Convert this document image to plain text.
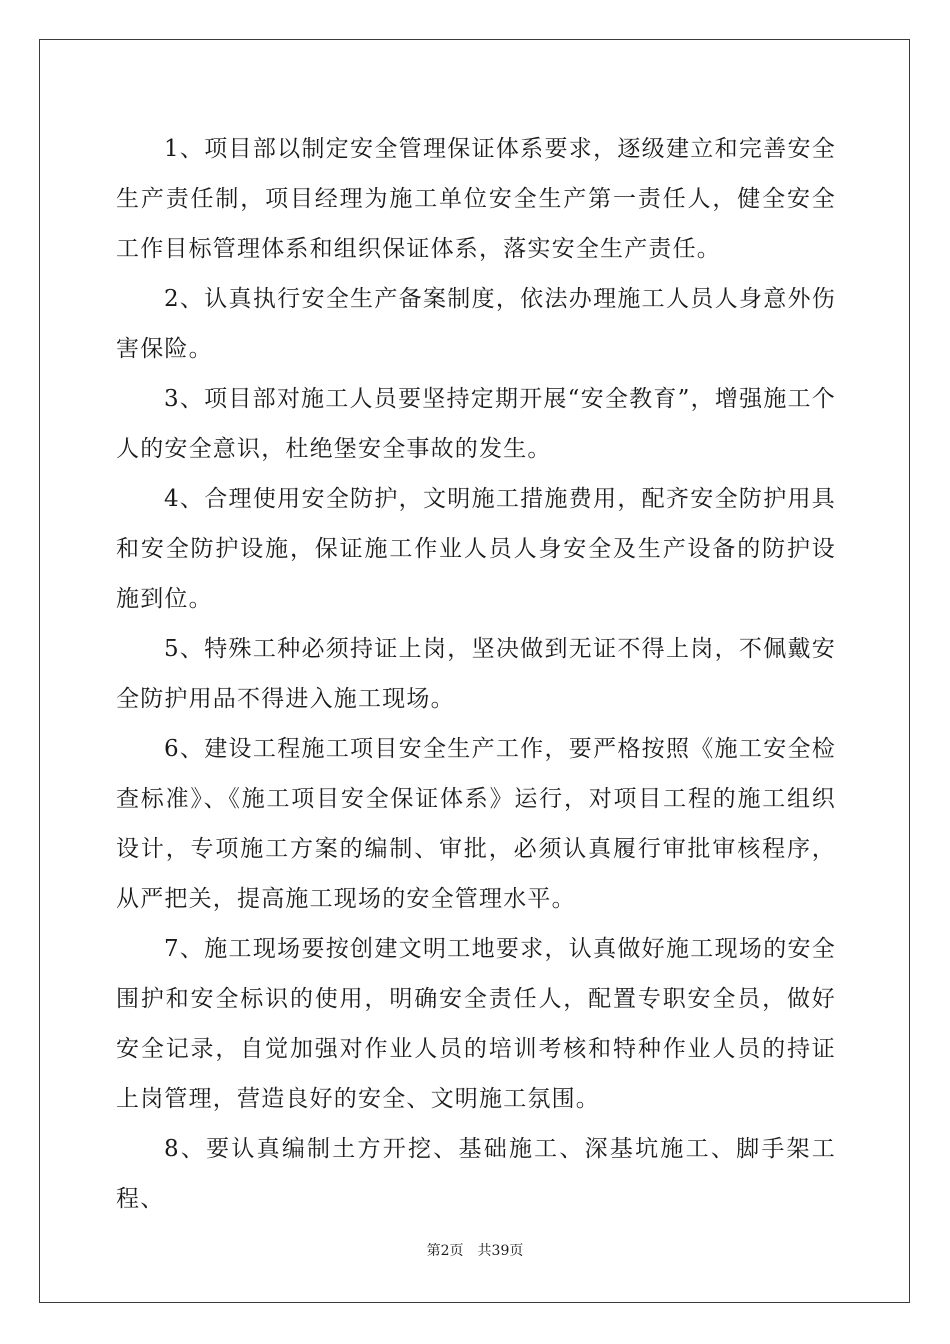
1、项目部以制定安全管理保证体系要求，逐级建立和完善安全生产责任制，项目经理为施工单位安全生产第一责任人，健全安全工作目标管理体系和组织保证体系，落实安全生产责任。

2、认真执行安全生产备案制度，依法办理施工人员人身意外伤害保险。

3、项目部对施工人员要坚持定期开展“安全教育”，增强施工个人的安全意识，杜绝堡安全事故的发生。

4、合理使用安全防护，文明施工措施费用，配齐安全防护用具和安全防护设施，保证施工作业人员人身安全及生产设备的防护设施到位。

5、特殊工种必须持证上岗，坚决做到无证不得上岗，不佩戴安全防护用品不得进入施工现场。

6、建设工程施工项目安全生产工作，要严格按照《施工安全检查标准》、《施工项目安全保证体系》运行，对项目工程的施工组织设计，专项施工方案的编制、审批，必须认真履行审批审核程序，从严把关，提高施工现场的安全管理水平。

7、施工现场要按创建文明工地要求，认真做好施工现场的安全围护和安全标识的使用，明确安全责任人，配置专职安全员，做好安全记录，自觉加强对作业人员的培训考核和特种作业人员的持证上岗管理，营造良好的安全、文明施工氛围。

8、要认真编制土方开挖、基础施工、深基坑施工、脚手架工程、

第2页 共39页
